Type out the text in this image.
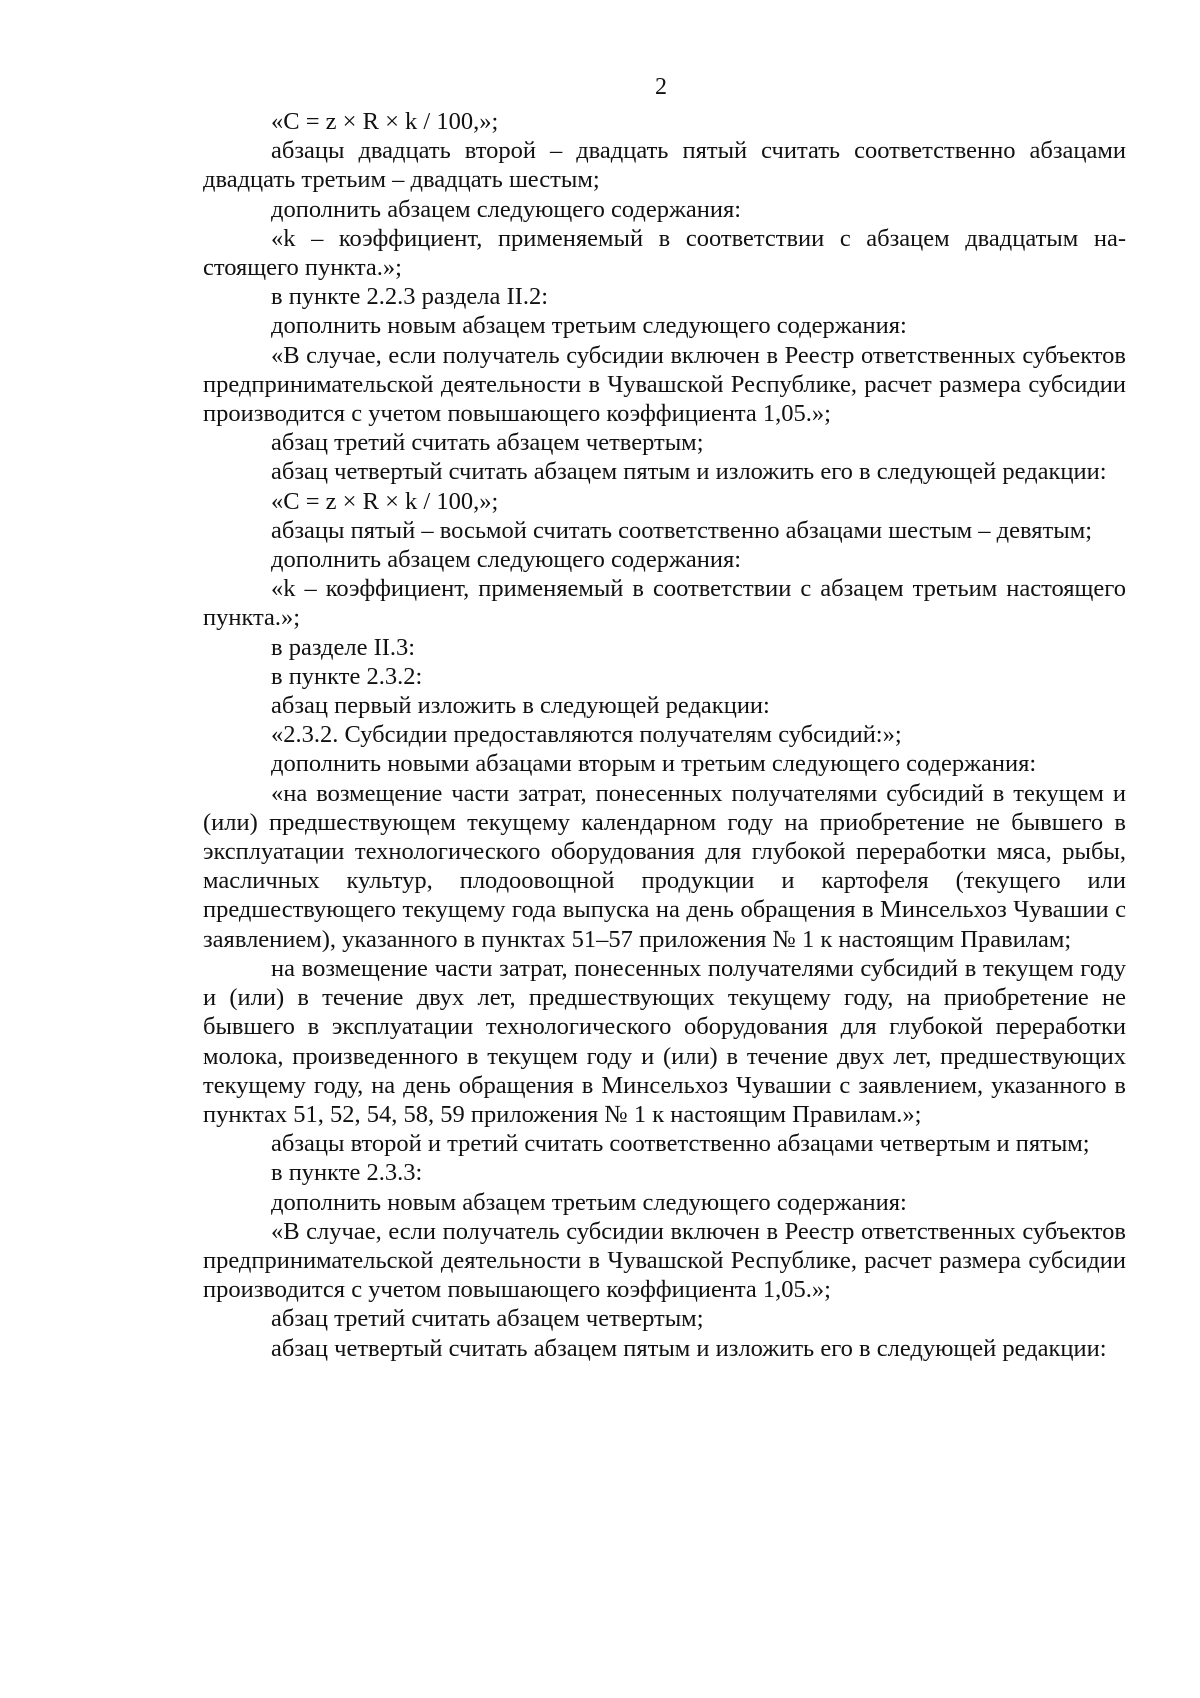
2

«C = z × R × k / 100,»;

абзацы двадцать второй – двадцать пятый считать соответственно абзацами двадцать третьим – двадцать шестым;

дополнить абзацем следующего содержания:

«k – коэффициент, применяемый в соответствии с абзацем двадцатым настоящего пункта.»;

в пункте 2.2.3 раздела II.2:

дополнить новым абзацем третьим следующего содержания:

«В случае, если получатель субсидии включен в Реестр ответственных субъектов предпринимательской деятельности в Чувашской Республике, расчет размера субсидии производится с учетом повышающего коэффициента 1,05.»;

абзац третий считать абзацем четвертым;

абзац четвертый считать абзацем пятым и изложить его в следующей редакции:

«C = z × R × k / 100,»;

абзацы пятый – восьмой считать соответственно абзацами шестым – девятым;

дополнить абзацем следующего содержания:

«k – коэффициент, применяемый в соответствии с абзацем третьим настоящего пункта.»;

в разделе II.3:

в пункте 2.3.2:

абзац первый изложить в следующей редакции:

«2.3.2. Субсидии предоставляются получателям субсидий:»;

дополнить новыми абзацами вторым и третьим следующего содержания:

«на возмещение части затрат, понесенных получателями субсидий в текущем и (или) предшествующем текущему календарном году на приобретение не бывшего в эксплуатации технологического оборудования для глубокой переработки мяса, рыбы, масличных культур, плодоовощной продукции и картофеля (текущего или предшествующего текущему года выпуска на день обращения в Минсельхоз Чувашии с заявлением), указанного в пунктах 51–57 приложения № 1 к настоящим Правилам;

на возмещение части затрат, понесенных получателями субсидий в текущем году и (или) в течение двух лет, предшествующих текущему году, на приобретение не бывшего в эксплуатации технологического оборудования для глубокой переработки молока, произведенного в текущем году и (или) в течение двух лет, предшествующих текущему году, на день обращения в Минсельхоз Чувашии с заявлением, указанного в пунктах 51, 52, 54, 58, 59 приложения № 1 к настоящим Правилам.»;

абзацы второй и третий считать соответственно абзацами четвертым и пятым;

в пункте 2.3.3:

дополнить новым абзацем третьим следующего содержания:

«В случае, если получатель субсидии включен в Реестр ответственных субъектов предпринимательской деятельности в Чувашской Республике, расчет размера субсидии производится с учетом повышающего коэффициента 1,05.»;

абзац третий считать абзацем четвертым;

абзац четвертый считать абзацем пятым и изложить его в следующей редакции:
